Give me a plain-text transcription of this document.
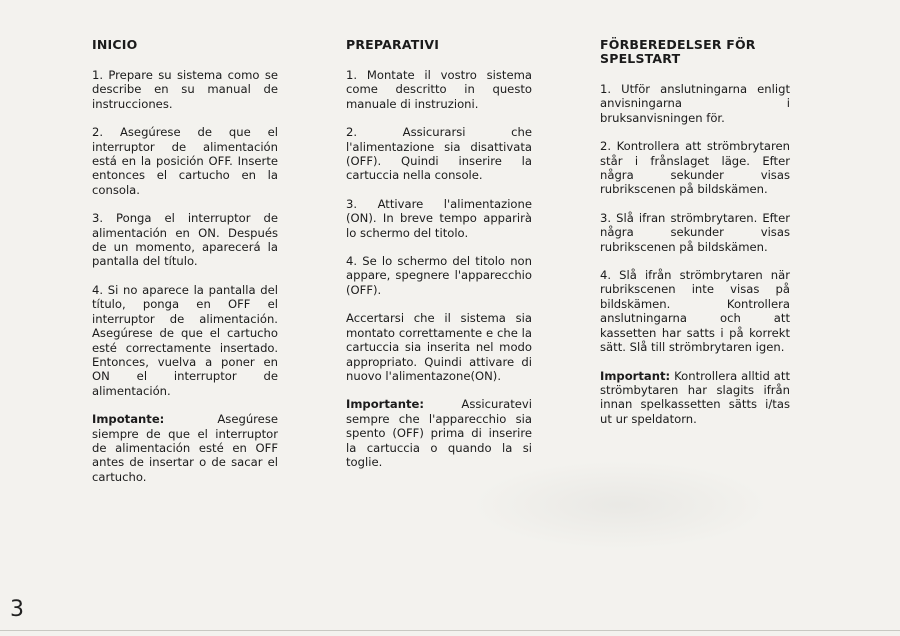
INICIO

1. Prepare su sistema como se describe en su manual de instrucciones.

2. Asegúrese de que el interruptor de alimentación está en la posición OFF. Inserte entonces el cartucho en la consola.

3. Ponga el interruptor de alimentación en ON. Después de un momento, aparecerá la pantalla del título.

4. Si no aparece la pantalla del título, ponga en OFF el interruptor de alimentación. Asegúrese de que el cartucho esté correctamente insertado. Entonces, vuelva a poner en ON el interruptor de alimentación.

Impotante: Asegúrese siempre de que el interruptor de alimentación esté en OFF antes de insertar o de sacar el cartucho.

PREPARATIVI

1. Montate il vostro sistema come descritto in questo manuale di instruzioni.

2. Assicurarsi che l'alimentazione sia disattivata (OFF). Quindi inserire la cartuccia nella console.

3. Attivare l'alimentazione (ON). In breve tempo apparirà lo schermo del titolo.

4. Se lo schermo del titolo non appare, spegnere l'apparecchio (OFF).

Accertarsi che il sistema sia montato correttamente e che la cartuccia sia inserita nel modo appropriato. Quindi attivare di nuovo l'alimentazone(ON).

Importante: Assicuratevi sempre che l'apparecchio sia spento (OFF) prima di inserire la cartuccia o quando la si toglie.

FÖRBEREDELSER FÖR SPELSTART

1. Utför anslutningarna enligt anvisningarna i bruksanvisningen för.

2. Kontrollera att strömbrytaren står i frånslaget läge. Efter några sekunder visas rubrikscenen på bildskämen.

3. Slå ifran strömbrytaren. Efter några sekunder visas rubrikscenen på bildskämen.

4. Slå ifrån strömbrytaren när rubrikscenen inte visas på bildskämen. Kontrollera anslutningarna och att kassetten har satts i på korrekt sätt. Slå till strömbrytaren igen.

Important: Kontrollera alltid att strömbytaren har slagits ifrån innan spelkassetten sätts i/tas ut ur speldatorn.

3
